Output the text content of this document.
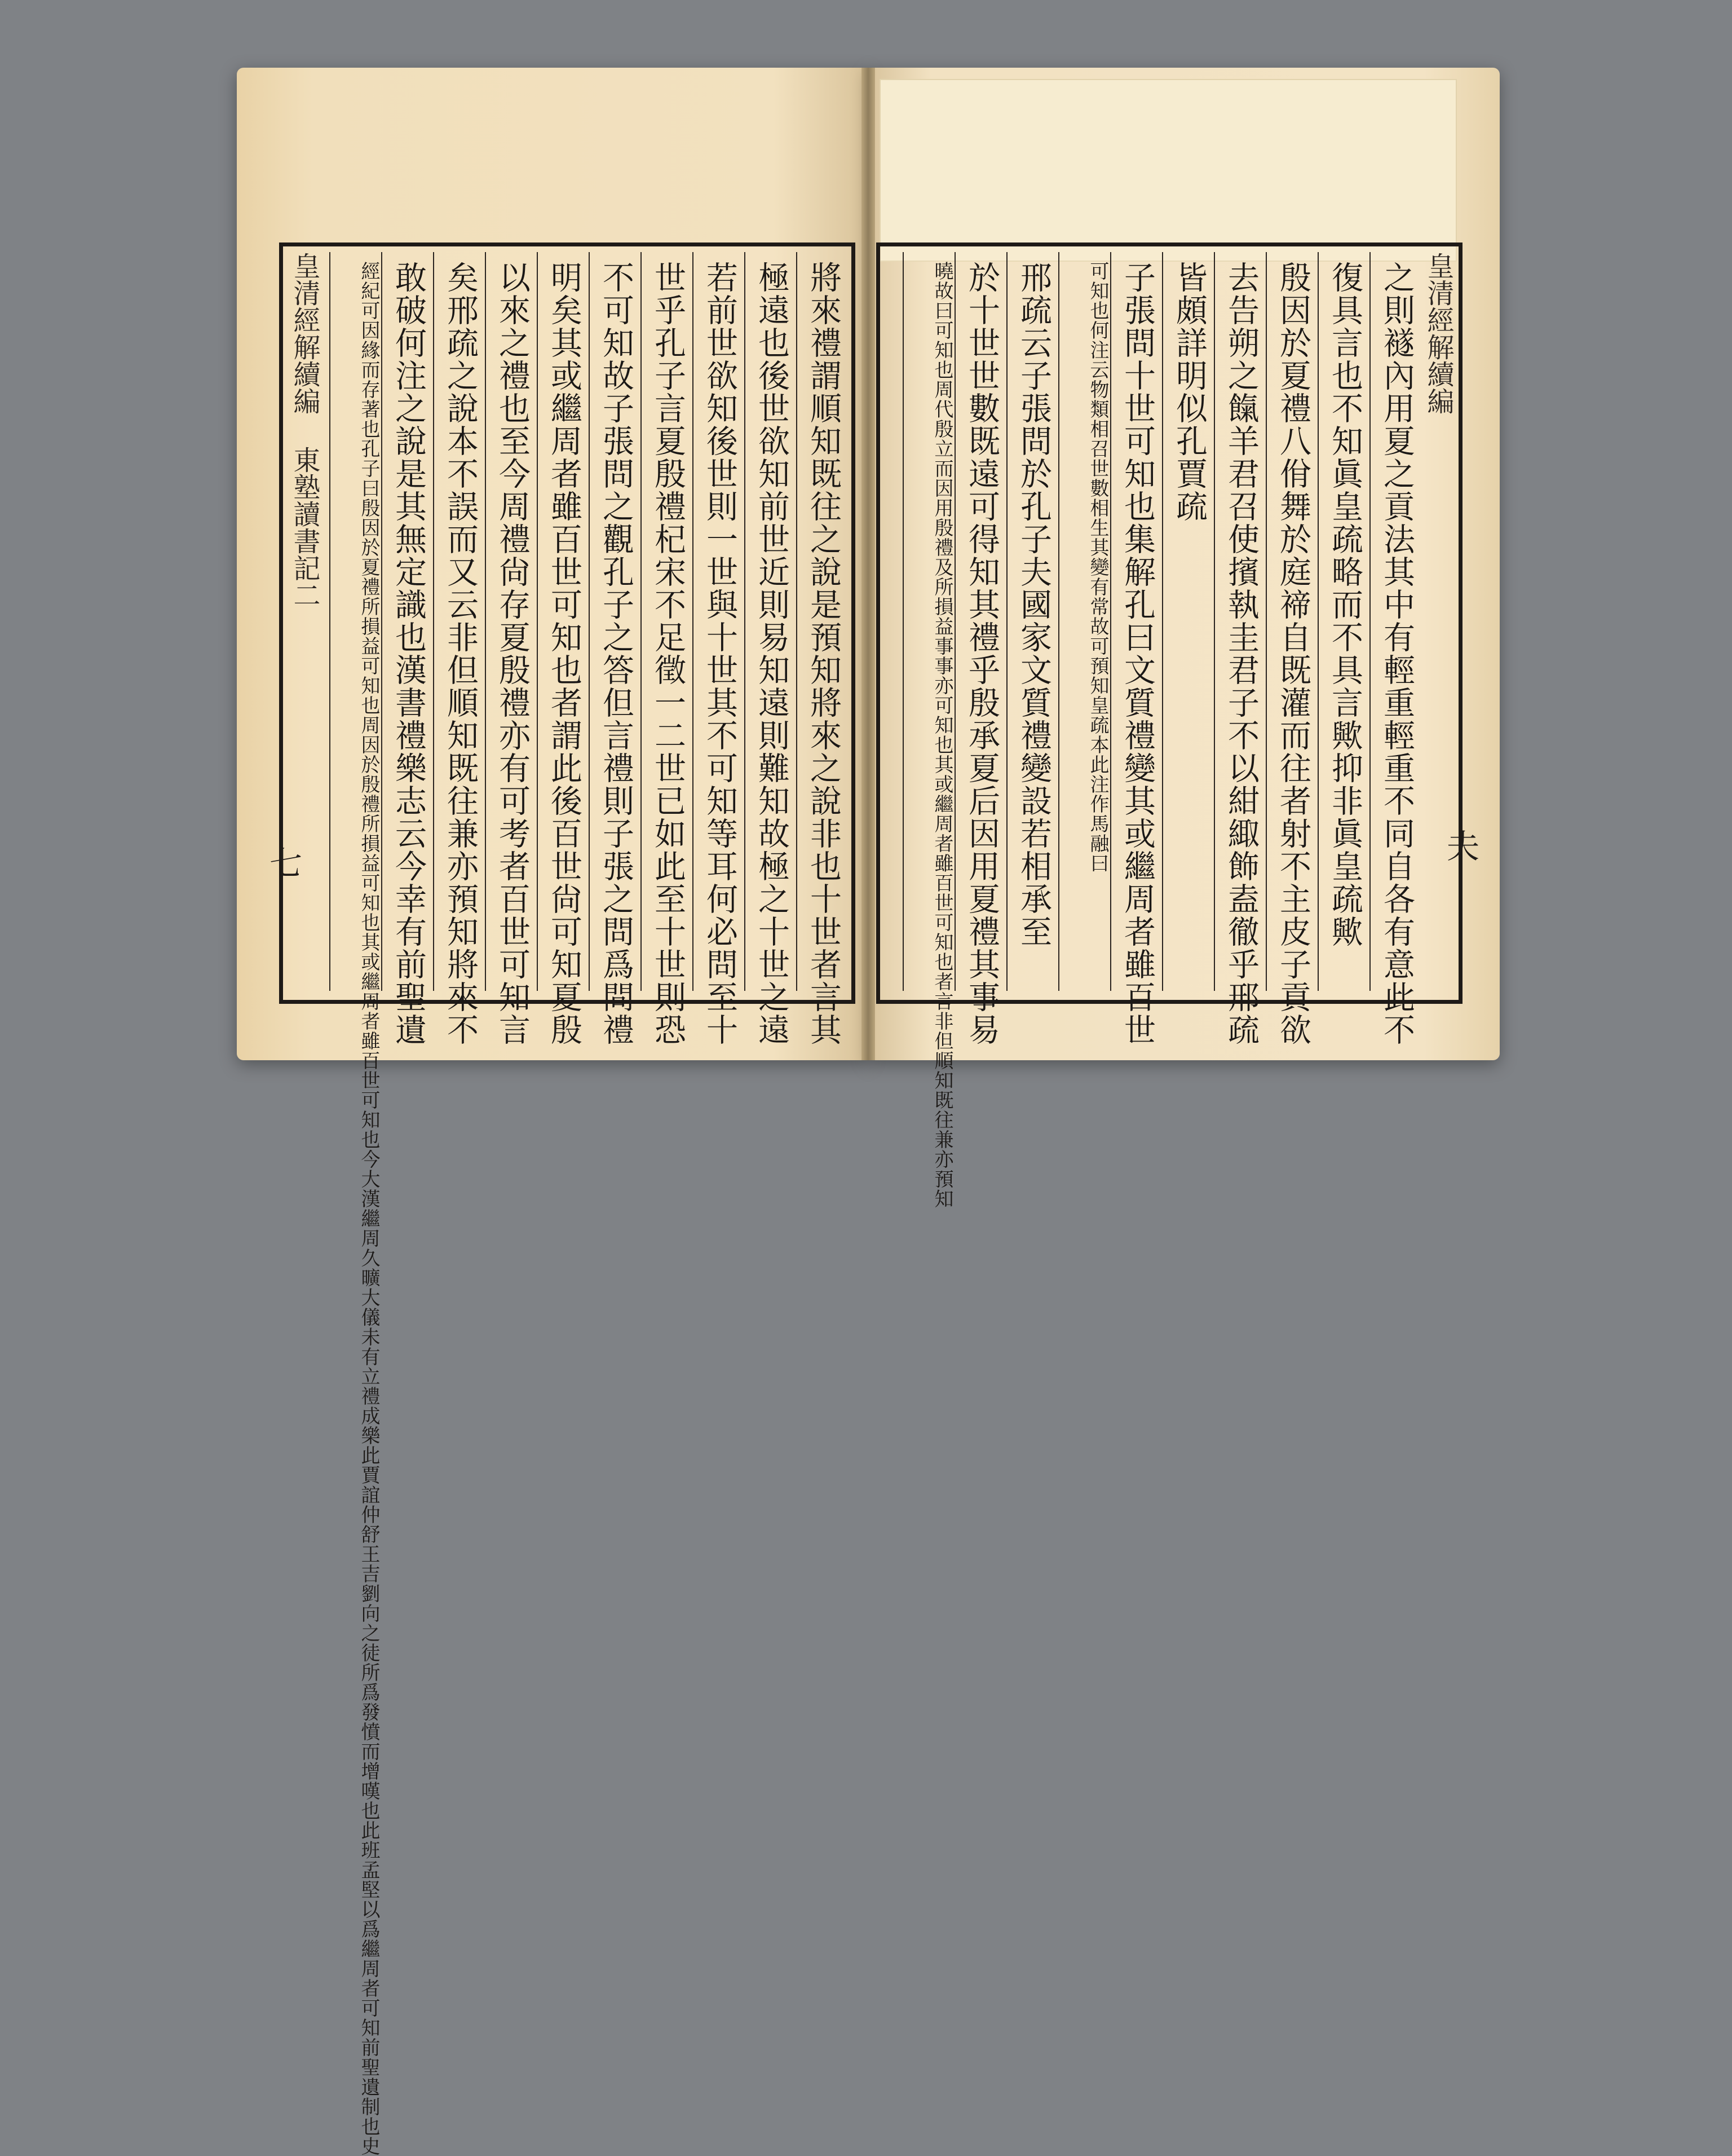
皇清經解續編 東塾讀書記二	將來禮謂順知既往之說是預知將來之說非也十世者言其
極遠也後世欲知前世近則易知遠則難知故極之十世之遠
若前世欲知後世則一世與十世其不可知等耳何必問至十
世乎孔子言夏殷禮杞宋不足徵一二世已如此至十世則恐
不可知故子張問之觀孔子之答但言禮則子張之問爲問禮
明矣其或繼周者雖百世可知也者謂此後百世尙可知夏殷
以來之禮也至今周禮尙存夏殷禮亦有可考者百世可知言
矣邢疏之說本不誤而又云非但順知既往兼亦預知將來不
敢破何注之說是其無定識也漢書禮樂志云今幸有前聖遺
經紀可因緣而存著也孔子曰殷因於夏禮所損益可知也周因於殷禮所損益可知也其或繼周者雖百世可知也今大漢繼周久曠大儀未有立禮成樂此賈誼仲舒王吉劉向之徒所爲發憤而增嘆也此班孟堅以爲繼周者可知前聖遺制也史	皇清經解續編
之則襚內用夏之貢法其中有輕重輕重不同自各有意此不
復具言也不知眞皇疏略而不具言歟抑非眞皇疏歟
殷因於夏禮八佾舞於庭禘自既灌而往者射不主皮子貢欲
去告朔之餼羊君召使擯執圭君子不以紺緅飾盍徹乎邢疏
皆頗詳明似孔賈疏
子張問十世可知也集解孔曰文質禮變其或繼周者雖百世
可知也何注云物類相召世數相生其變有常故可預知皇疏本此注作馬融曰
邢疏云子張問於孔子夫國家文質禮變設若相承至
於十世世數既遠可得知其禮乎殷承夏后因用夏禮其事易
曉故曰可知也周代殷立而因用殷禮及所損益事事亦可知也其或繼周者雖百世可知也者言非但順知既往兼亦預知
七
夫
